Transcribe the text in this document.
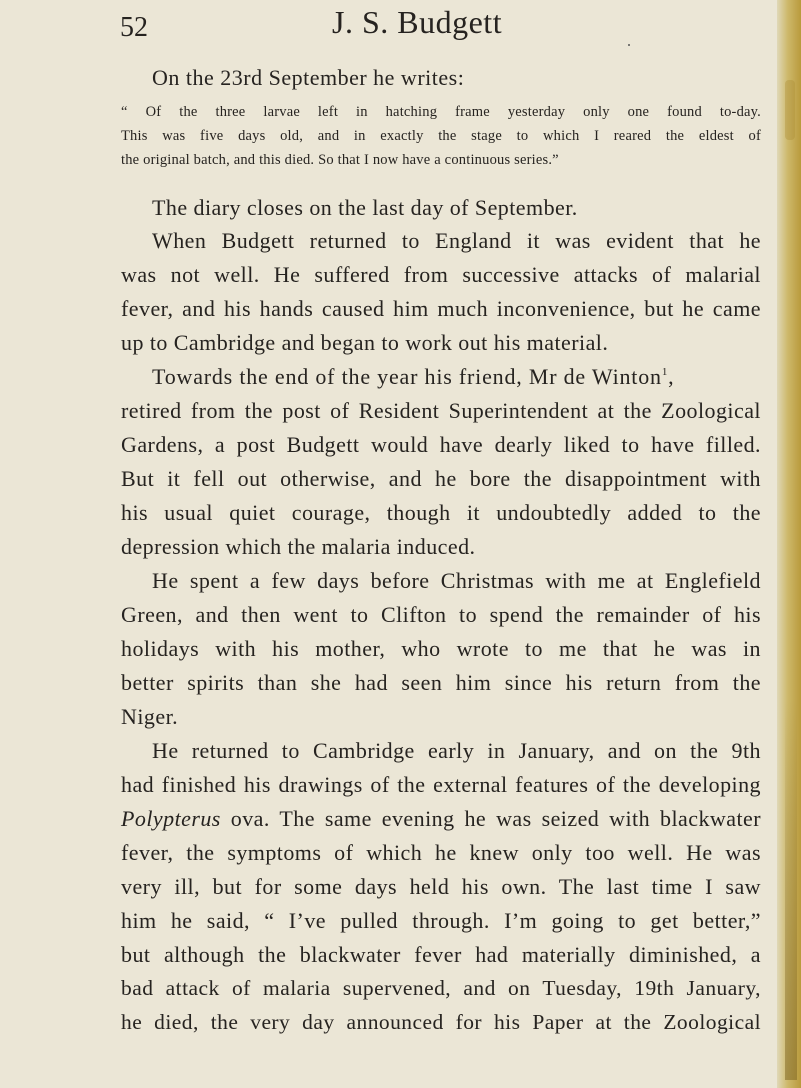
52	J. S. Budgett
On the 23rd September he writes:
“ Of the three larvae left in hatching frame yesterday only one found to-day.
This was five days old, and in exactly the stage to which I reared the eldest of
the original batch, and this died. So that I now have a continuous series.”
The diary closes on the last day of September.
When Budgett returned to England it was evident that he
was not well. He suffered from successive attacks of malarial
fever, and his hands caused him much inconvenience, but he came
up to Cambridge and began to work out his material.
Towards the end of the year his friend, Mr de Winton$^1$,
retired from the post of Resident Superintendent at the Zoological
Gardens, a post Budgett would have dearly liked to have filled.
But it fell out otherwise, and he bore the disappointment with
his usual quiet courage, though it undoubtedly added to the
depression which the malaria induced.
He spent a few days before Christmas with me at Englefield
Green, and then went to Clifton to spend the remainder of his
holidays with his mother, who wrote to me that he was in
better spirits than she had seen him since his return from the
Niger.
He returned to Cambridge early in January, and on the 9th
had finished his drawings of the external features of the developing
Polypterus ova. The same evening he was seized with blackwater
fever, the symptoms of which he knew only too well. He was
very ill, but for some days held his own. The last time I saw
him he said, “ I’ve pulled through. I’m going to get better,”
but although the blackwater fever had materially diminished, a
bad attack of malaria supervened, and on Tuesday, 19th January,
he died, the very day announced for his Paper at the Zoological
